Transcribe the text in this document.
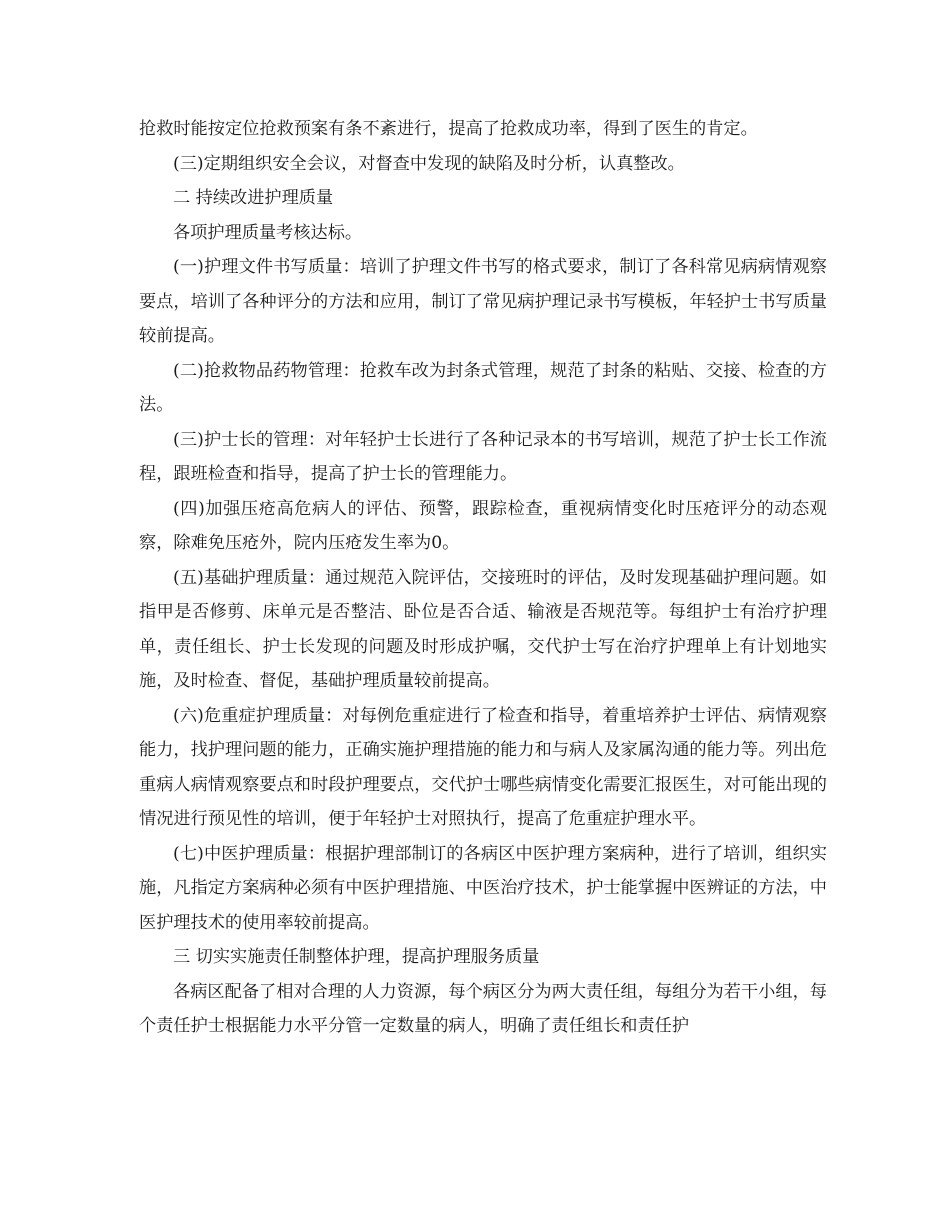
抢救时能按定位抢救预案有条不紊进行，提高了抢救成功率，得到了医生的肯定。

(三)定期组织安全会议，对督查中发现的缺陷及时分析，认真整改。

二 持续改进护理质量

各项护理质量考核达标。

(一)护理文件书写质量：培训了护理文件书写的格式要求，制订了各科常见病病情观察要点，培训了各种评分的方法和应用，制订了常见病护理记录书写模板，年轻护士书写质量较前提高。

(二)抢救物品药物管理：抢救车改为封条式管理，规范了封条的粘贴、交接、检查的方法。

(三)护士长的管理：对年轻护士长进行了各种记录本的书写培训，规范了护士长工作流程，跟班检查和指导，提高了护士长的管理能力。

(四)加强压疮高危病人的评估、预警，跟踪检查，重视病情变化时压疮评分的动态观察，除难免压疮外，院内压疮发生率为0。

(五)基础护理质量：通过规范入院评估，交接班时的评估，及时发现基础护理问题。如指甲是否修剪、床单元是否整洁、卧位是否合适、输液是否规范等。每组护士有治疗护理单，责任组长、护士长发现的问题及时形成护嘱，交代护士写在治疗护理单上有计划地实施，及时检查、督促，基础护理质量较前提高。

(六)危重症护理质量：对每例危重症进行了检查和指导，着重培养护士评估、病情观察能力，找护理问题的能力，正确实施护理措施的能力和与病人及家属沟通的能力等。列出危重病人病情观察要点和时段护理要点，交代护士哪些病情变化需要汇报医生，对可能出现的情况进行预见性的培训，便于年轻护士对照执行，提高了危重症护理水平。

(七)中医护理质量：根据护理部制订的各病区中医护理方案病种，进行了培训，组织实施，凡指定方案病种必须有中医护理措施、中医治疗技术，护士能掌握中医辨证的方法，中医护理技术的使用率较前提高。

三 切实实施责任制整体护理，提高护理服务质量

各病区配备了相对合理的人力资源，每个病区分为两大责任组，每组分为若干小组，每个责任护士根据能力水平分管一定数量的病人，明确了责任组长和责任护
